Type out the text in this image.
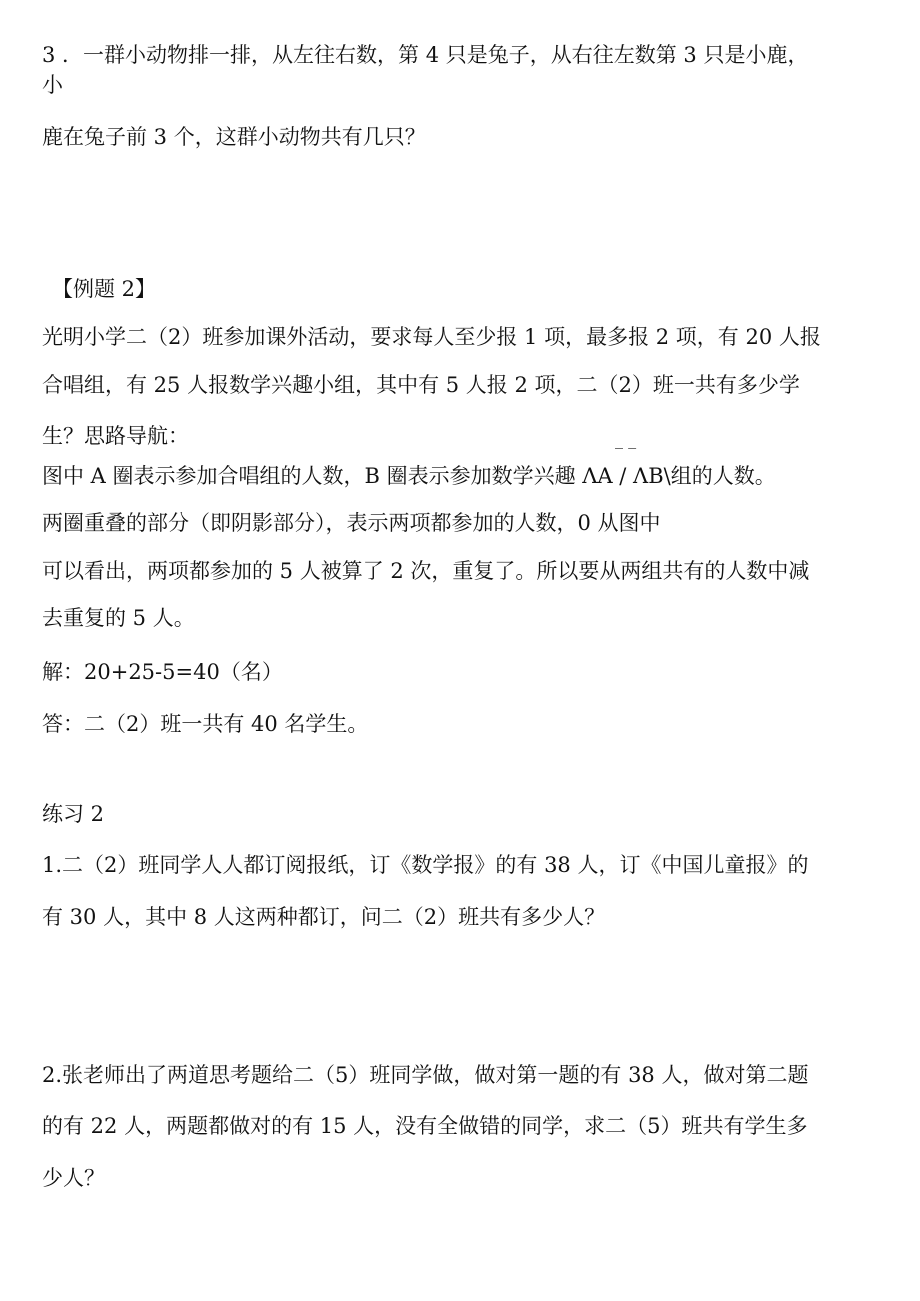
3 ．一群小动物排一排，从左往右数，第 4 只是兔子，从右往左数第 3 只是小鹿，
小
鹿在兔子前 3 个，这群小动物共有几只？
【例题 2】
光明小学二（2）班参加课外活动，要求每人至少报 1 项，最多报 2 项，有 20 人报
合唱组，有 25 人报数学兴趣小组，其中有 5 人报 2 项，二（2）班一共有多少学
生？思路导航：	_ _
图中 A 圈表示参加合唱组的人数，B 圈表示参加数学兴趣 ΛA / ΛB\组的人数。
两圈重叠的部分（即阴影部分），表示两项都参加的人数，0 从图中
可以看出，两项都参加的 5 人被算了 2 次，重复了。所以要从两组共有的人数中减
去重复的 5 人。
解：20+25-5=40（名）
答：二（2）班一共有 40 名学生。
练习 2
1.二（2）班同学人人都订阅报纸，订《数学报》的有 38 人，订《中国儿童报》的
有 30 人，其中 8 人这两种都订，问二（2）班共有多少人？
2.张老师出了两道思考题给二（5）班同学做，做对第一题的有 38 人，做对第二题
的有 22 人，两题都做对的有 15 人，没有全做错的同学，求二（5）班共有学生多
少人？
